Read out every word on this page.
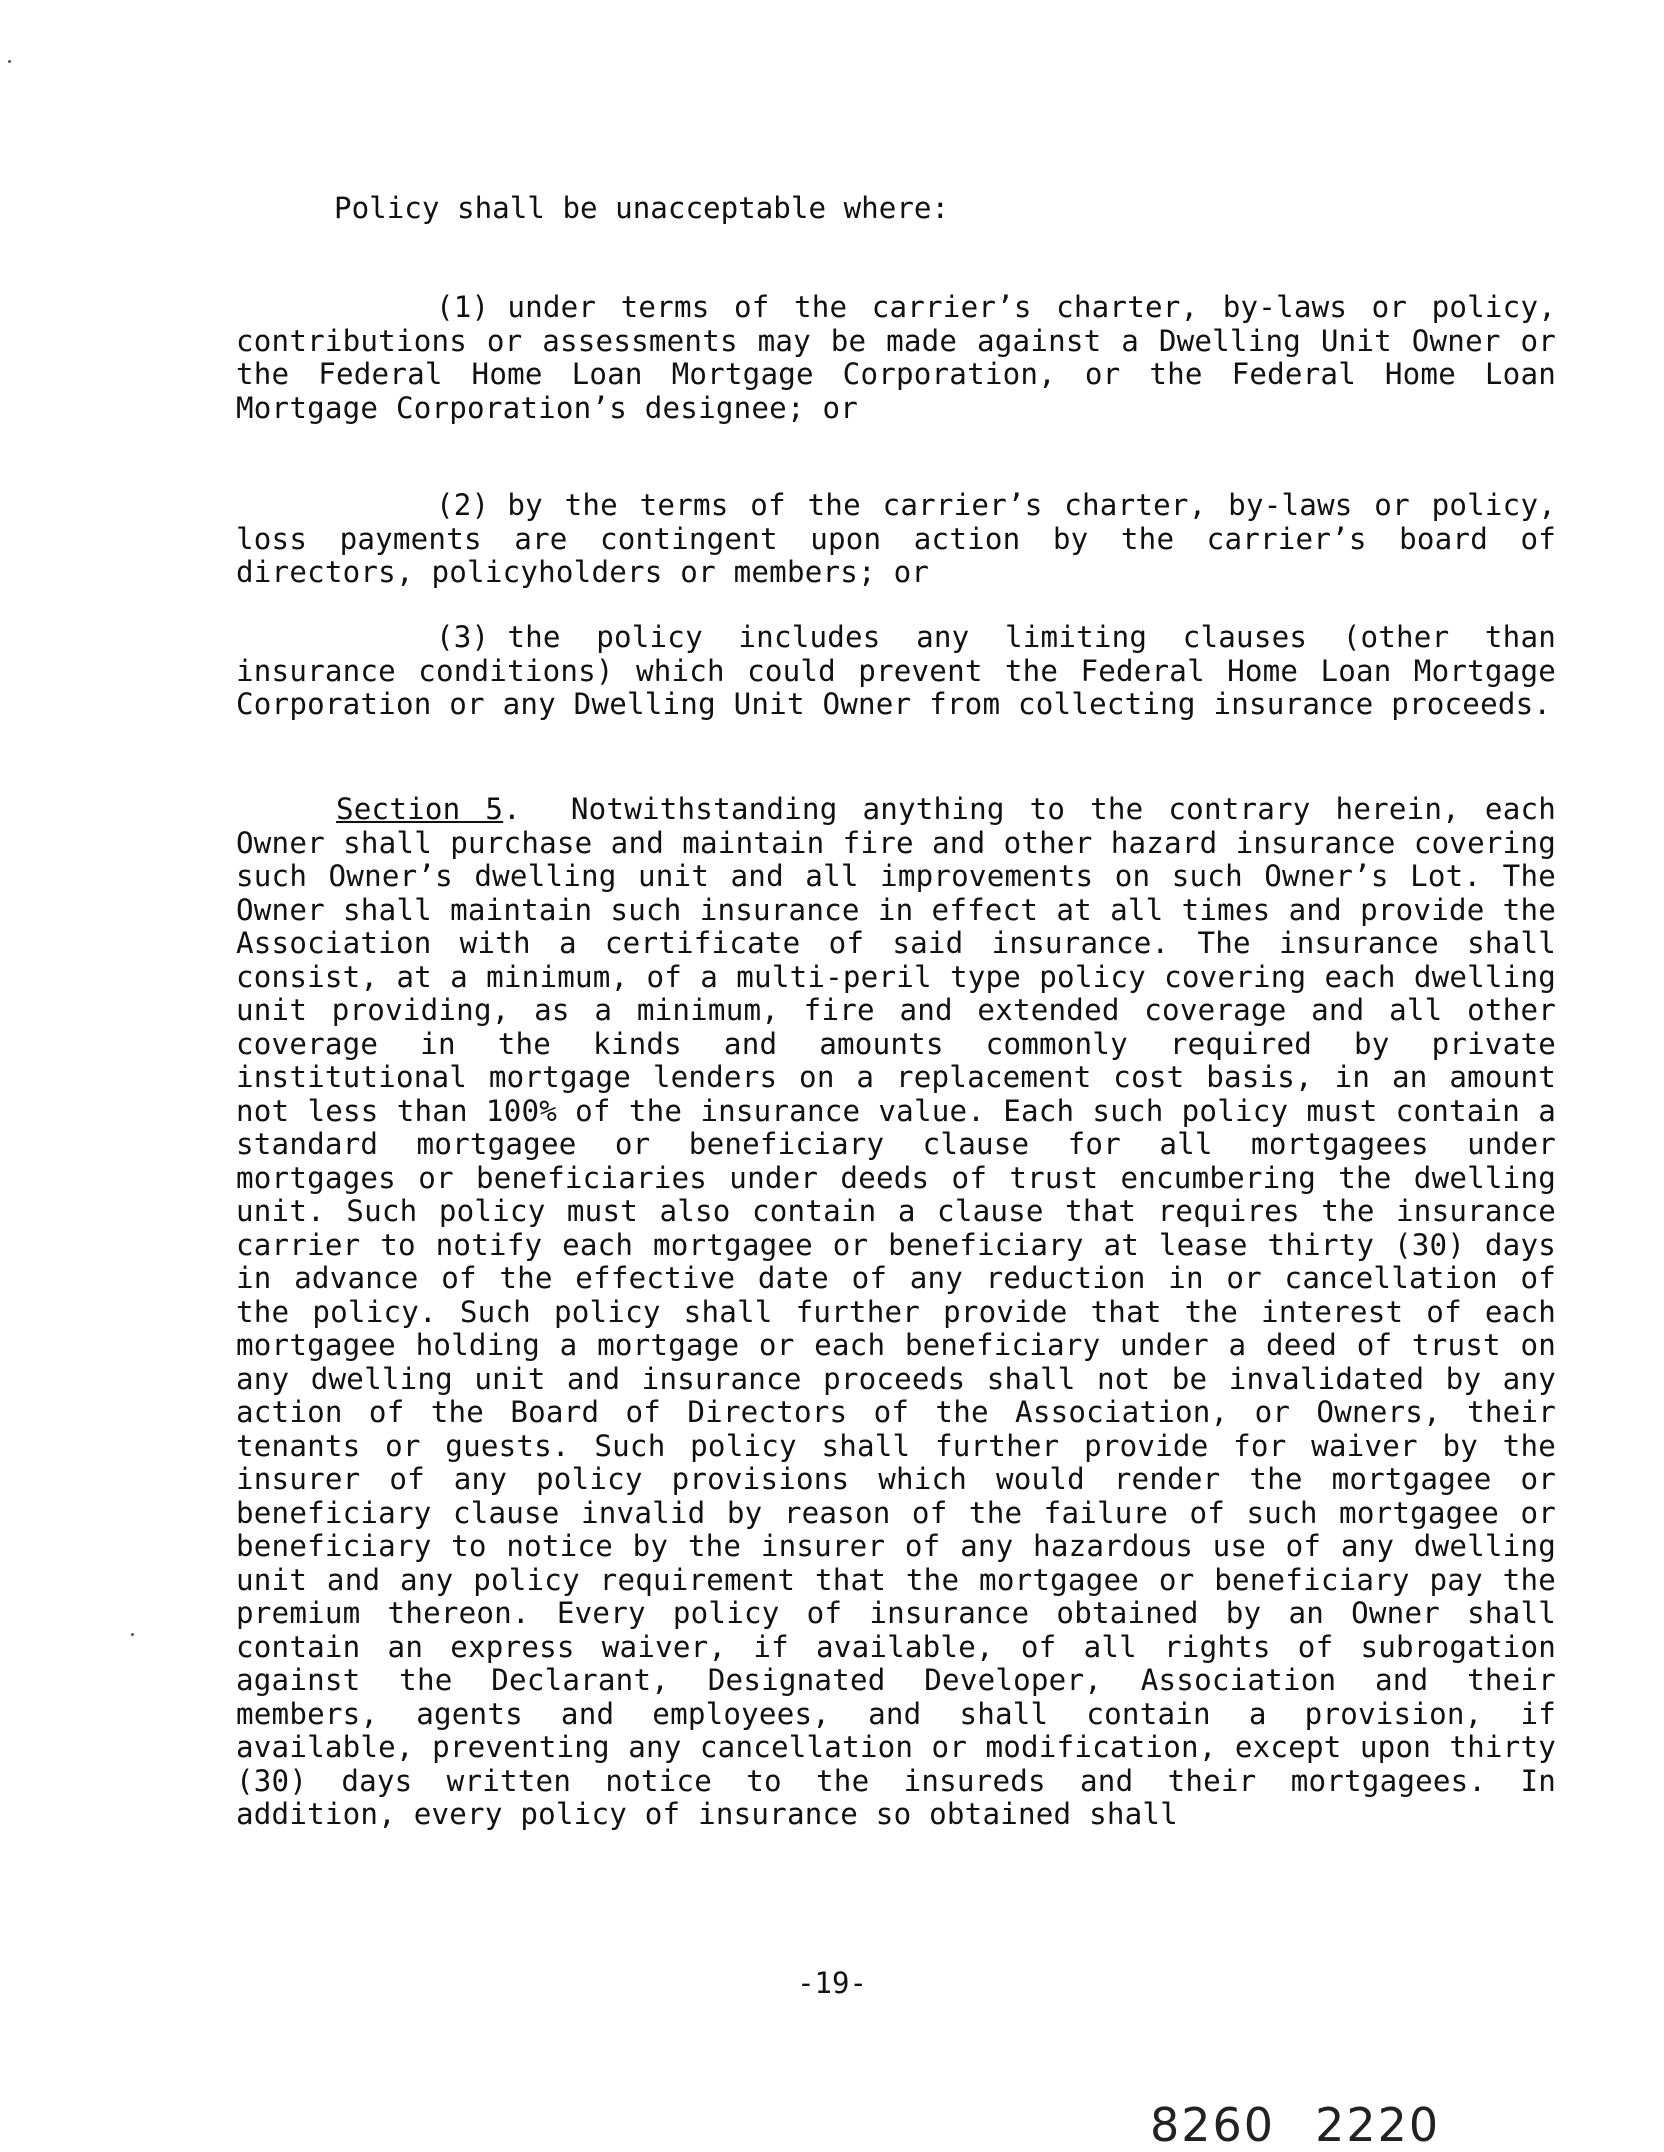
Policy shall be unacceptable where:

(1) under terms of the carrier’s charter, by-laws or policy, contributions or assessments may be made against a Dwelling Unit Owner or the Federal Home Loan Mortgage Corporation, or the Federal Home Loan Mortgage Corporation’s designee; or

(2) by the terms of the carrier’s charter, by-laws or policy, loss payments are contingent upon action by the carrier’s board of directors, policyholders or members; or

(3) the policy includes any limiting clauses (other than insurance conditions) which could prevent the Federal Home Loan Mortgage Corporation or any Dwelling Unit Owner from collecting insurance proceeds.

Section 5. Notwithstanding anything to the contrary herein, each Owner shall purchase and maintain fire and other hazard insurance covering such Owner’s dwelling unit and all improvements on such Owner’s Lot. The Owner shall maintain such insurance in effect at all times and provide the Association with a certificate of said insurance. The insurance shall consist, at a minimum, of a multi-peril type policy covering each dwelling unit providing, as a minimum, fire and extended coverage and all other coverage in the kinds and amounts commonly required by private institutional mortgage lenders on a replacement cost basis, in an amount not less than 100% of the insurance value. Each such policy must contain a standard mortgagee or beneficiary clause for all mortgagees under mortgages or beneficiaries under deeds of trust encumbering the dwelling unit. Such policy must also contain a clause that requires the insurance carrier to notify each mortgagee or beneficiary at lease thirty (30) days in advance of the effective date of any reduction in or cancellation of the policy. Such policy shall further provide that the interest of each mortgagee holding a mortgage or each beneficiary under a deed of trust on any dwelling unit and insurance proceeds shall not be invalidated by any action of the Board of Directors of the Association, or Owners, their tenants or guests. Such policy shall further provide for waiver by the insurer of any policy provisions which would render the mortgagee or beneficiary clause invalid by reason of the failure of such mortgagee or beneficiary to notice by the insurer of any hazardous use of any dwelling unit and any policy requirement that the mortgagee or beneficiary pay the premium thereon. Every policy of insurance obtained by an Owner shall contain an express waiver, if available, of all rights of subrogation against the Declarant, Designated Developer, Association and their members, agents and employees, and shall contain a provision, if available, preventing any cancellation or modification, except upon thirty (30) days written notice to the insureds and their mortgagees. In addition, every policy of insurance so obtained shall

-19-
8260 2220
